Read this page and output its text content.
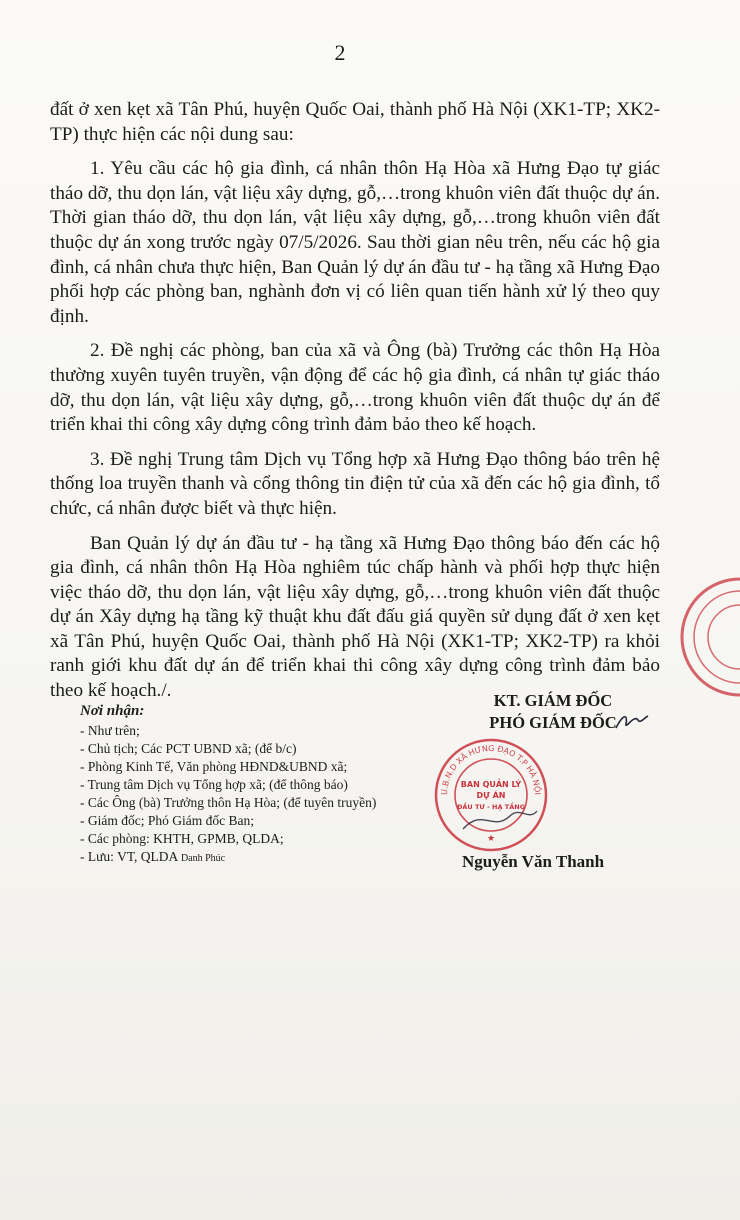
2

đất ở xen kẹt xã Tân Phú, huyện Quốc Oai, thành phố Hà Nội (XK1-TP; XK2-TP) thực hiện các nội dung sau:

1. Yêu cầu các hộ gia đình, cá nhân thôn Hạ Hòa xã Hưng Đạo tự giác tháo dỡ, thu dọn lán, vật liệu xây dựng, gỗ,…trong khuôn viên đất thuộc dự án. Thời gian tháo dỡ, thu dọn lán, vật liệu xây dựng, gỗ,…trong khuôn viên đất thuộc dự án xong trước ngày 07/5/2026. Sau thời gian nêu trên, nếu các hộ gia đình, cá nhân chưa thực hiện, Ban Quản lý dự án đầu tư - hạ tầng xã Hưng Đạo phối hợp các phòng ban, nghành đơn vị có liên quan tiến hành xử lý theo quy định.

2. Đề nghị các phòng, ban của xã và Ông (bà) Trưởng các thôn Hạ Hòa thường xuyên tuyên truyền, vận động để các hộ gia đình, cá nhân tự giác tháo dỡ, thu dọn lán, vật liệu xây dựng, gỗ,…trong khuôn viên đất thuộc dự án để triển khai thi công xây dựng công trình đảm bảo theo kế hoạch.

3. Đề nghị Trung tâm Dịch vụ Tổng hợp xã Hưng Đạo thông báo trên hệ thống loa truyền thanh và cổng thông tin điện tử của xã đến các hộ gia đình, tổ chức, cá nhân được biết và thực hiện.

Ban Quản lý dự án đầu tư - hạ tầng xã Hưng Đạo thông báo đến các hộ gia đình, cá nhân thôn Hạ Hòa nghiêm túc chấp hành và phối hợp thực hiện việc tháo dỡ, thu dọn lán, vật liệu xây dựng, gỗ,…trong khuôn viên đất thuộc dự án Xây dựng hạ tầng kỹ thuật khu đất đấu giá quyền sử dụng đất ở xen kẹt xã Tân Phú, huyện Quốc Oai, thành phố Hà Nội (XK1-TP; XK2-TP) ra khỏi ranh giới khu đất dự án để triển khai thi công xây dựng công trình đảm bảo theo kế hoạch./.

Nơi nhận:
- Như trên;
- Chủ tịch; Các PCT UBND xã; (để b/c)
- Phòng Kinh Tế, Văn phòng HĐND&UBND xã;
- Trung tâm Dịch vụ Tổng hợp xã; (để thông báo)
- Các Ông (bà) Trưởng thôn Hạ Hòa; (để tuyên truyền)
- Giám đốc; Phó Giám đốc Ban;
- Các phòng: KHTH, GPMB, QLDA;
- Lưu: VT, QLDA Danh Phúc
KT. GIÁM ĐỐC
PHÓ GIÁM ĐỐC
U.B.N.D XÃ HƯNG ĐẠO T.P HÀ NỘI
BAN QUẢN LÝ
DỰ ÁN
ĐẦU TƯ - HẠ TẦNG
★
Nguyễn Văn Thanh
